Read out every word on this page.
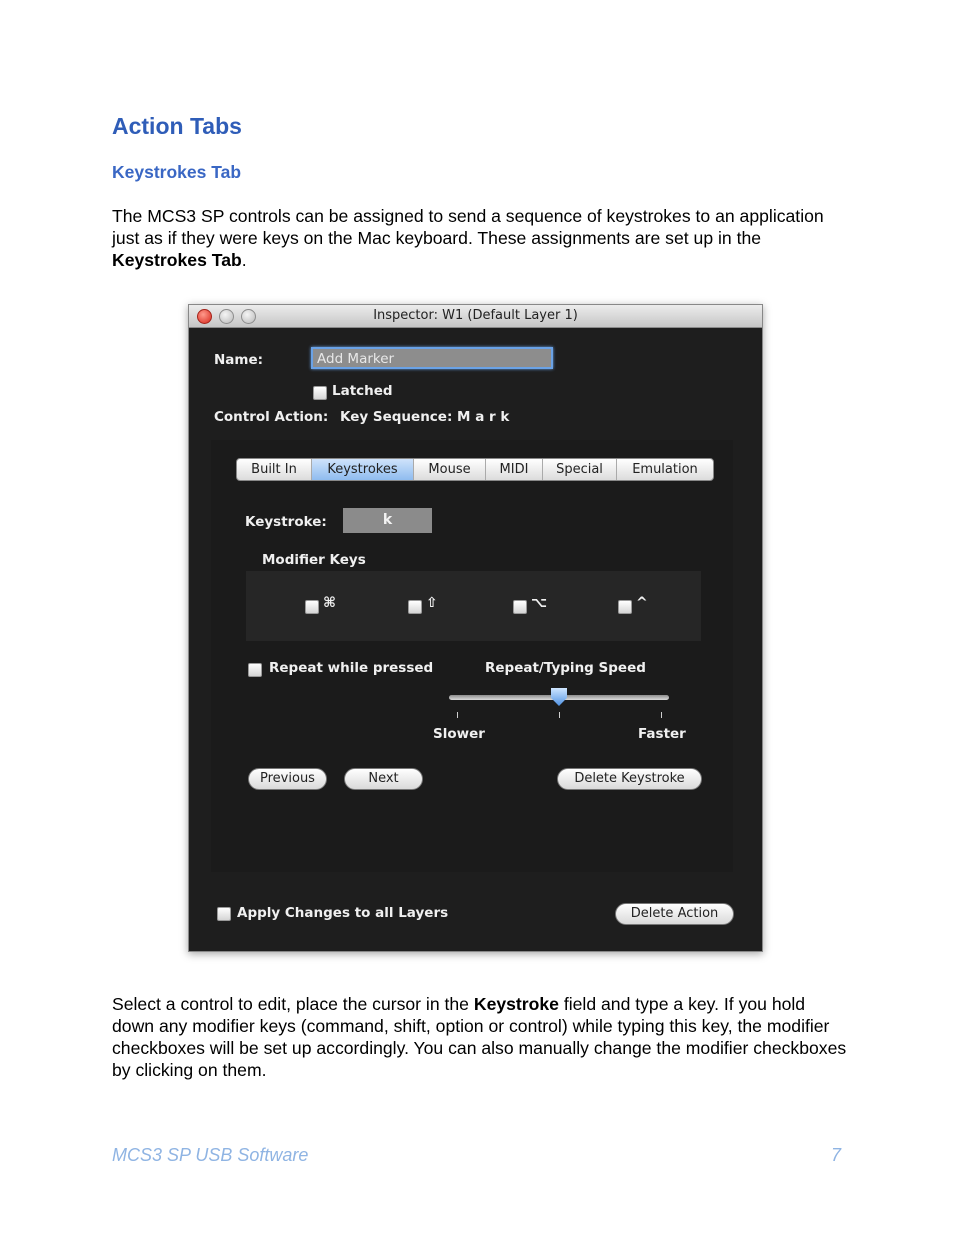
Action Tabs
Keystrokes Tab
The MCS3 SP controls can be assigned to send a sequence of keystrokes to an application just as if they were keys on the Mac keyboard. These assignments are set up in the Keystrokes Tab.
Inspector: W1 (Default Layer 1)
Name:	Add Marker
Latched
Control Action: Key Sequence: M a r k
Built In	Keystrokes	Mouse	MIDI	Special	Emulation
Keystroke:	k
Modifier Keys
⌘	⇧	⌥	^
Repeat while pressed	Repeat/Typing Speed
Slower	Faster
Previous	Next	Delete Keystroke
Apply Changes to all Layers	Delete Action
Select a control to edit, place the cursor in the Keystroke field and type a key. If you hold down any modifier keys (command, shift, option or control) while typing this key, the modifier checkboxes will be set up accordingly. You can also manually change the modifier checkboxes by clicking on them.
MCS3 SP USB Software	7
